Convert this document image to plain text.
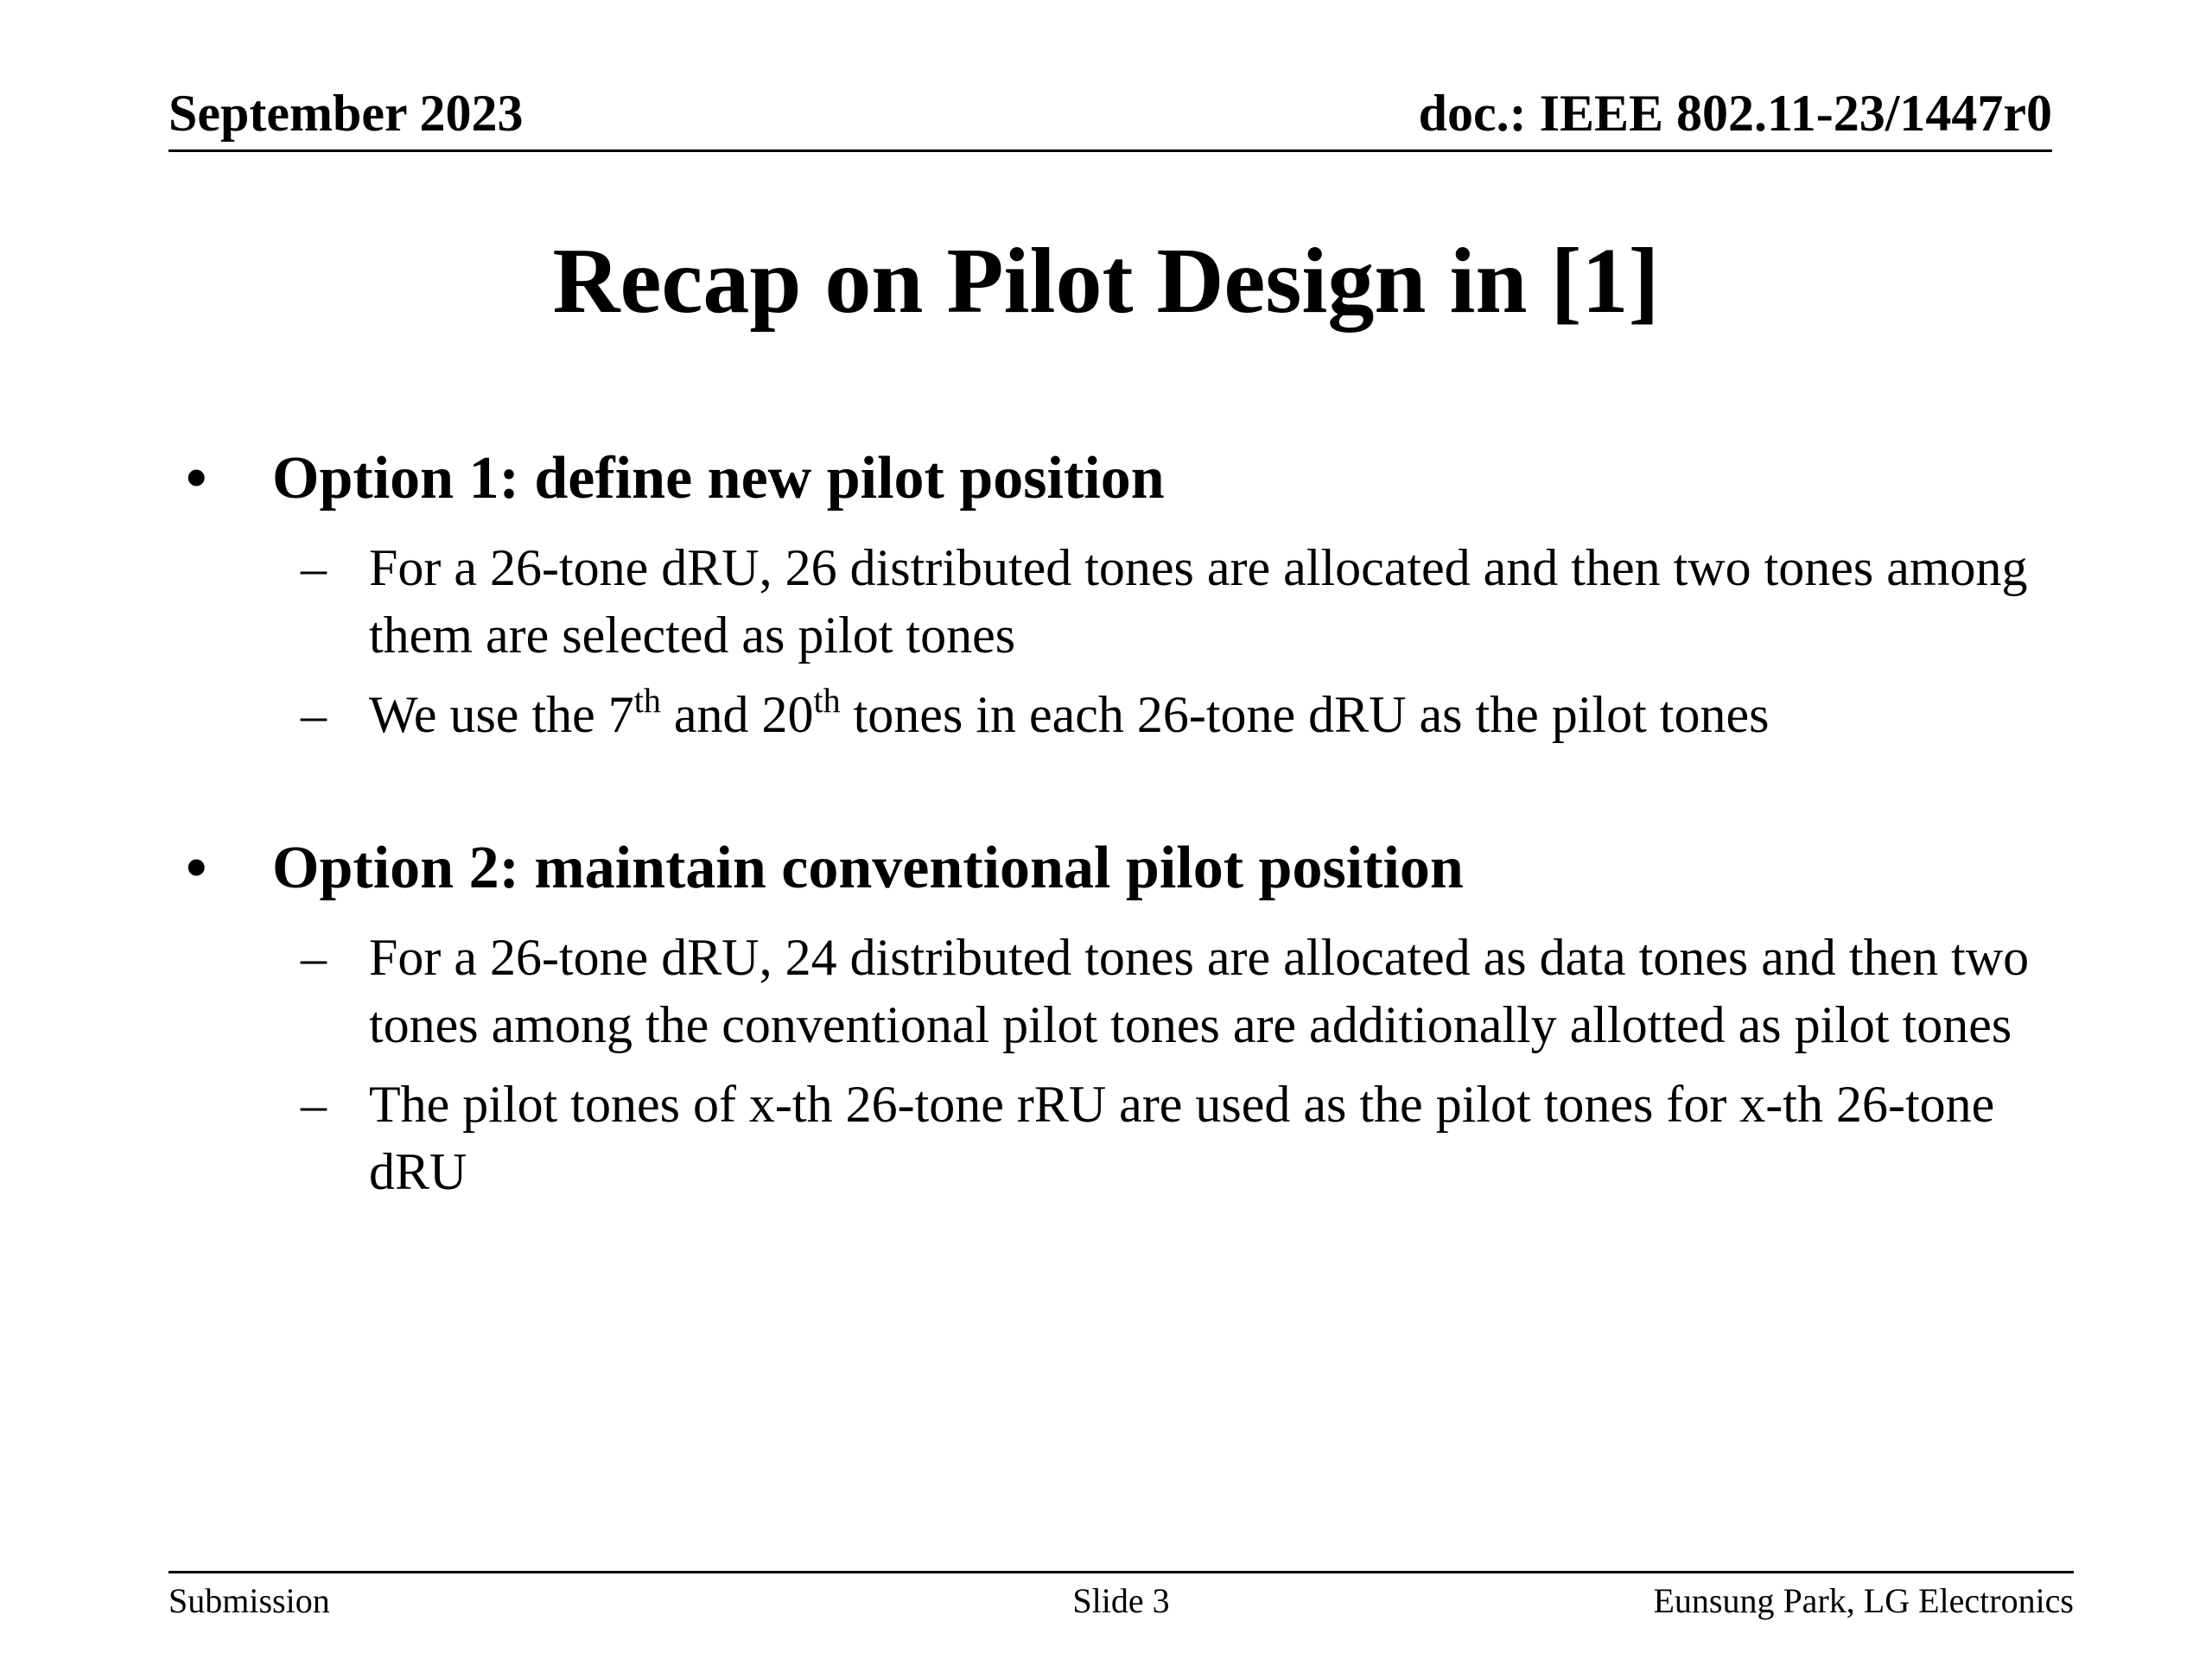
September 2023	doc.: IEEE 802.11-23/1447r0
Recap on Pilot Design in [1]
• Option 1: define new pilot position
– For a 26-tone dRU, 26 distributed tones are allocated and then two tones among them are selected as pilot tones
– We use the 7th and 20th tones in each 26-tone dRU as the pilot tones
• Option 2: maintain conventional pilot position
– For a 26-tone dRU, 24 distributed tones are allocated as data tones and then two tones among the conventional pilot tones are additionally allotted as pilot tones
– The pilot tones of x-th 26-tone rRU are used as the pilot tones for x-th 26-tone dRU
Submission	Slide 3	Eunsung Park, LG Electronics
